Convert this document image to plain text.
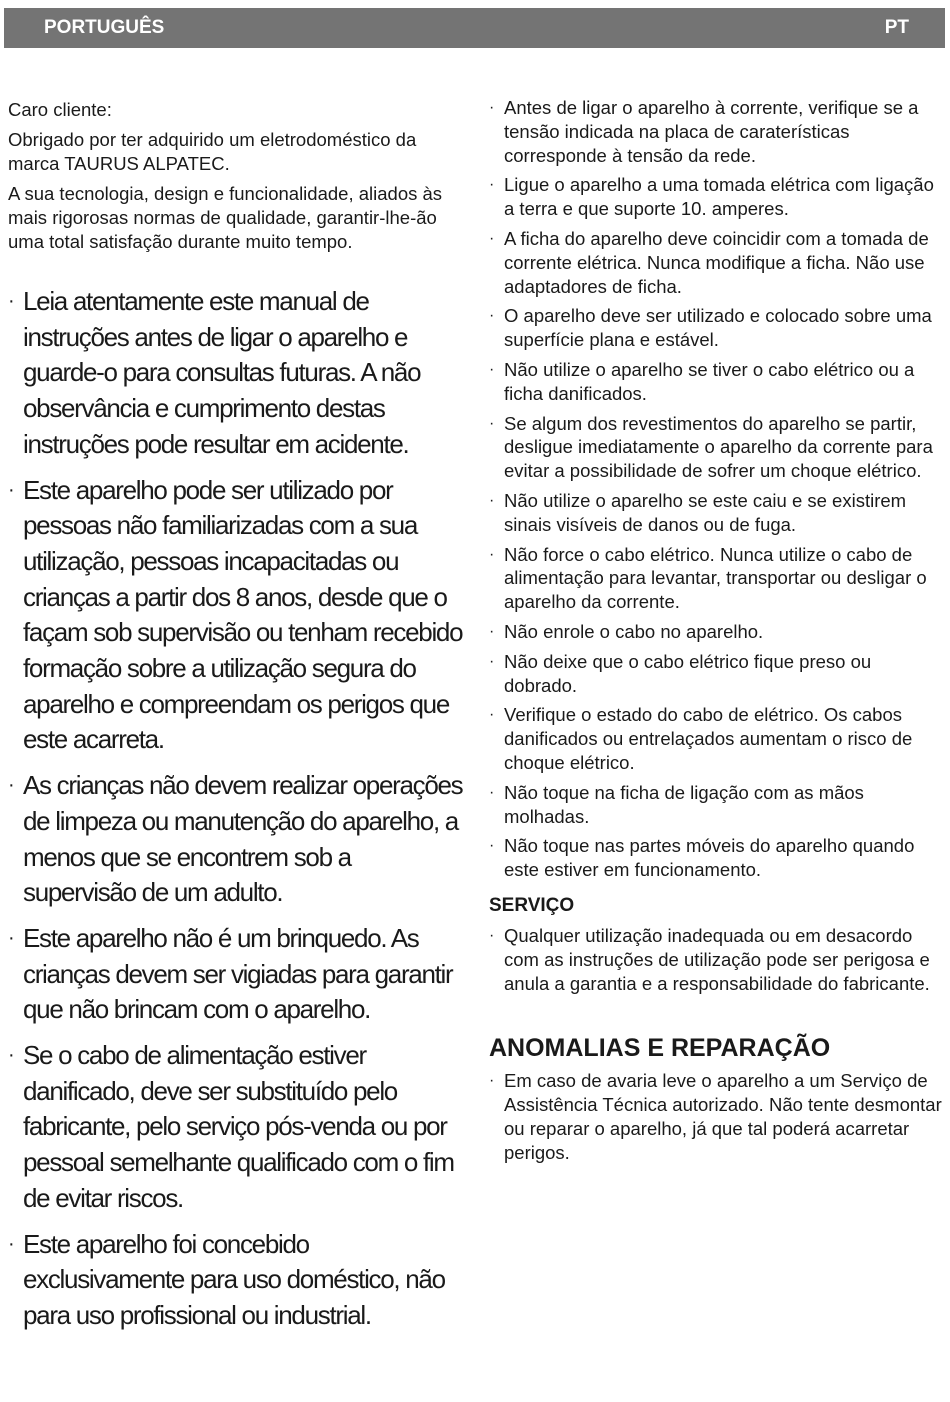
PORTUGUÊS	PT

Caro cliente:

Obrigado por ter adquirido um eletrodoméstico da marca TAURUS ALPATEC.

A sua tecnologia, design e funcionalidade, aliados às mais rigorosas normas de qualidade, garantir-lhe-ão uma total satisfação durante muito tempo.

· Leia atentamente este manual de instruções antes de ligar o aparelho e guarde-o para consultas futuras. A não observância e cumprimento destas instruções pode resultar em acidente.
· Este aparelho pode ser utilizado por pessoas não familiarizadas com a sua utilização, pessoas incapacitadas ou crianças a partir dos 8 anos, desde que o façam sob supervisão ou tenham recebido formação sobre a utilização segura do aparelho e compreendam os perigos que este acarreta.
· As crianças não devem realizar operações de limpeza ou manutenção do aparelho, a menos que se encontrem sob a supervisão de um adulto.
· Este aparelho não é um brinquedo. As crianças devem ser vigiadas para garantir que não brincam com o aparelho.
· Se o cabo de alimentação estiver danificado, deve ser substituído pelo fabricante, pelo serviço pós-venda ou por pessoal semelhante qualificado com o fim de evitar riscos.
· Este aparelho foi concebido exclusivamente para uso doméstico, não para uso profissional ou industrial.
· Antes de ligar o aparelho à corrente, verifique se a tensão indicada na placa de caraterísticas corresponde à tensão da rede.
· Ligue o aparelho a uma tomada elétrica com ligação a terra e que suporte 10. amperes.
· A ficha do aparelho deve coincidir com a tomada de corrente elétrica. Nunca modifique a ficha. Não use adaptadores de ficha.
· O aparelho deve ser utilizado e colocado sobre uma superfície plana e estável.
· Não utilize o aparelho se tiver o cabo elétrico ou a ficha danificados.
· Se algum dos revestimentos do aparelho se partir, desligue imediatamente o aparelho da corrente para evitar a possibilidade de sofrer um choque elétrico.
· Não utilize o aparelho se este caiu e se existirem sinais visíveis de danos ou de fuga.
· Não force o cabo elétrico. Nunca utilize o cabo de alimentação para levantar, transportar ou desligar o aparelho da corrente.
· Não enrole o cabo no aparelho.
· Não deixe que o cabo elétrico fique preso ou dobrado.
· Verifique o estado do cabo de elétrico. Os cabos danificados ou entrelaçados aumentam o risco de choque elétrico.
· Não toque na ficha de ligação com as mãos molhadas.
· Não toque nas partes móveis do aparelho quando este estiver em funcionamento.
SERVIÇO
· Qualquer utilização inadequada ou em desacordo com as instruções de utilização pode ser perigosa e anula a garantia e a responsabilidade do fabricante.
ANOMALIAS E REPARAÇÃO
· Em caso de avaria leve o aparelho a um Serviço de Assistência Técnica autorizado. Não tente desmontar ou reparar o aparelho, já que tal poderá acarretar perigos.
